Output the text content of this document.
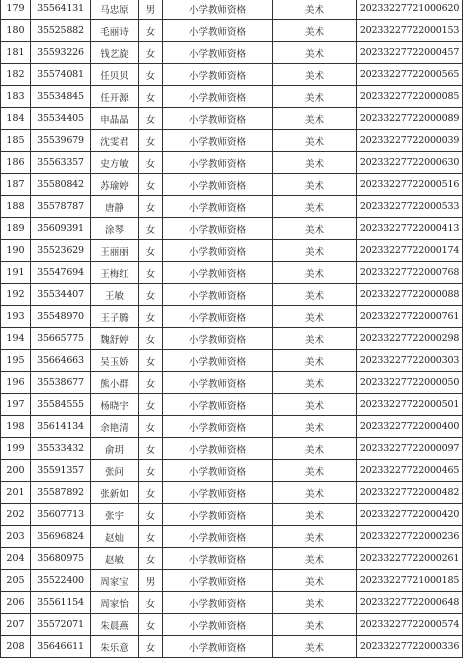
179	35564131	马忠原	男	小学教师资格	美术	20233227721000620
180	35525882	毛丽诗	女	小学教师资格	美术	20233227722000153
181	35593226	钱艺旋	女	小学教师资格	美术	20233227722000457
182	35574081	任贝贝	女	小学教师资格	美术	20233227722000565
183	35534845	任开源	女	小学教师资格	美术	20233227722000085
184	35534405	申晶晶	女	小学教师资格	美术	20233227722000089
185	35539679	沈雯君	女	小学教师资格	美术	20233227722000039
186	35563357	史方敏	女	小学教师资格	美术	20233227722000630
187	35580842	苏瑜婷	女	小学教师资格	美术	20233227722000516
188	35578787	唐静	女	小学教师资格	美术	20233227722000533
189	35609391	涂琴	女	小学教师资格	美术	20233227722000413
190	35523629	王丽丽	女	小学教师资格	美术	20233227722000174
191	35547694	王梅红	女	小学教师资格	美术	20233227722000768
192	35534407	王敏	女	小学教师资格	美术	20233227722000088
193	35548970	王子腾	女	小学教师资格	美术	20233227722000761
194	35665775	魏舒婷	女	小学教师资格	美术	20233227722000298
195	35664663	吴玉娇	女	小学教师资格	美术	20233227722000303
196	35538677	熊小群	女	小学教师资格	美术	20233227722000050
197	35584555	杨晓宇	女	小学教师资格	美术	20233227722000501
198	35614134	余艳清	女	小学教师资格	美术	20233227722000400
199	35533432	俞玥	女	小学教师资格	美术	20233227722000097
200	35591357	张问	女	小学教师资格	美术	20233227722000465
201	35587892	张新如	女	小学教师资格	美术	20233227722000482
202	35607713	张宇	女	小学教师资格	美术	20233227722000420
203	35696824	赵灿	女	小学教师资格	美术	20233227722000236
204	35680975	赵敏	女	小学教师资格	美术	20233227722000261
205	35522400	周家宝	男	小学教师资格	美术	20233227721000185
206	35561154	周家怡	女	小学教师资格	美术	20233227722000648
207	35572071	朱晨燕	女	小学教师资格	美术	20233227722000574
208	35646611	朱乐意	女	小学教师资格	美术	20233227722000336
